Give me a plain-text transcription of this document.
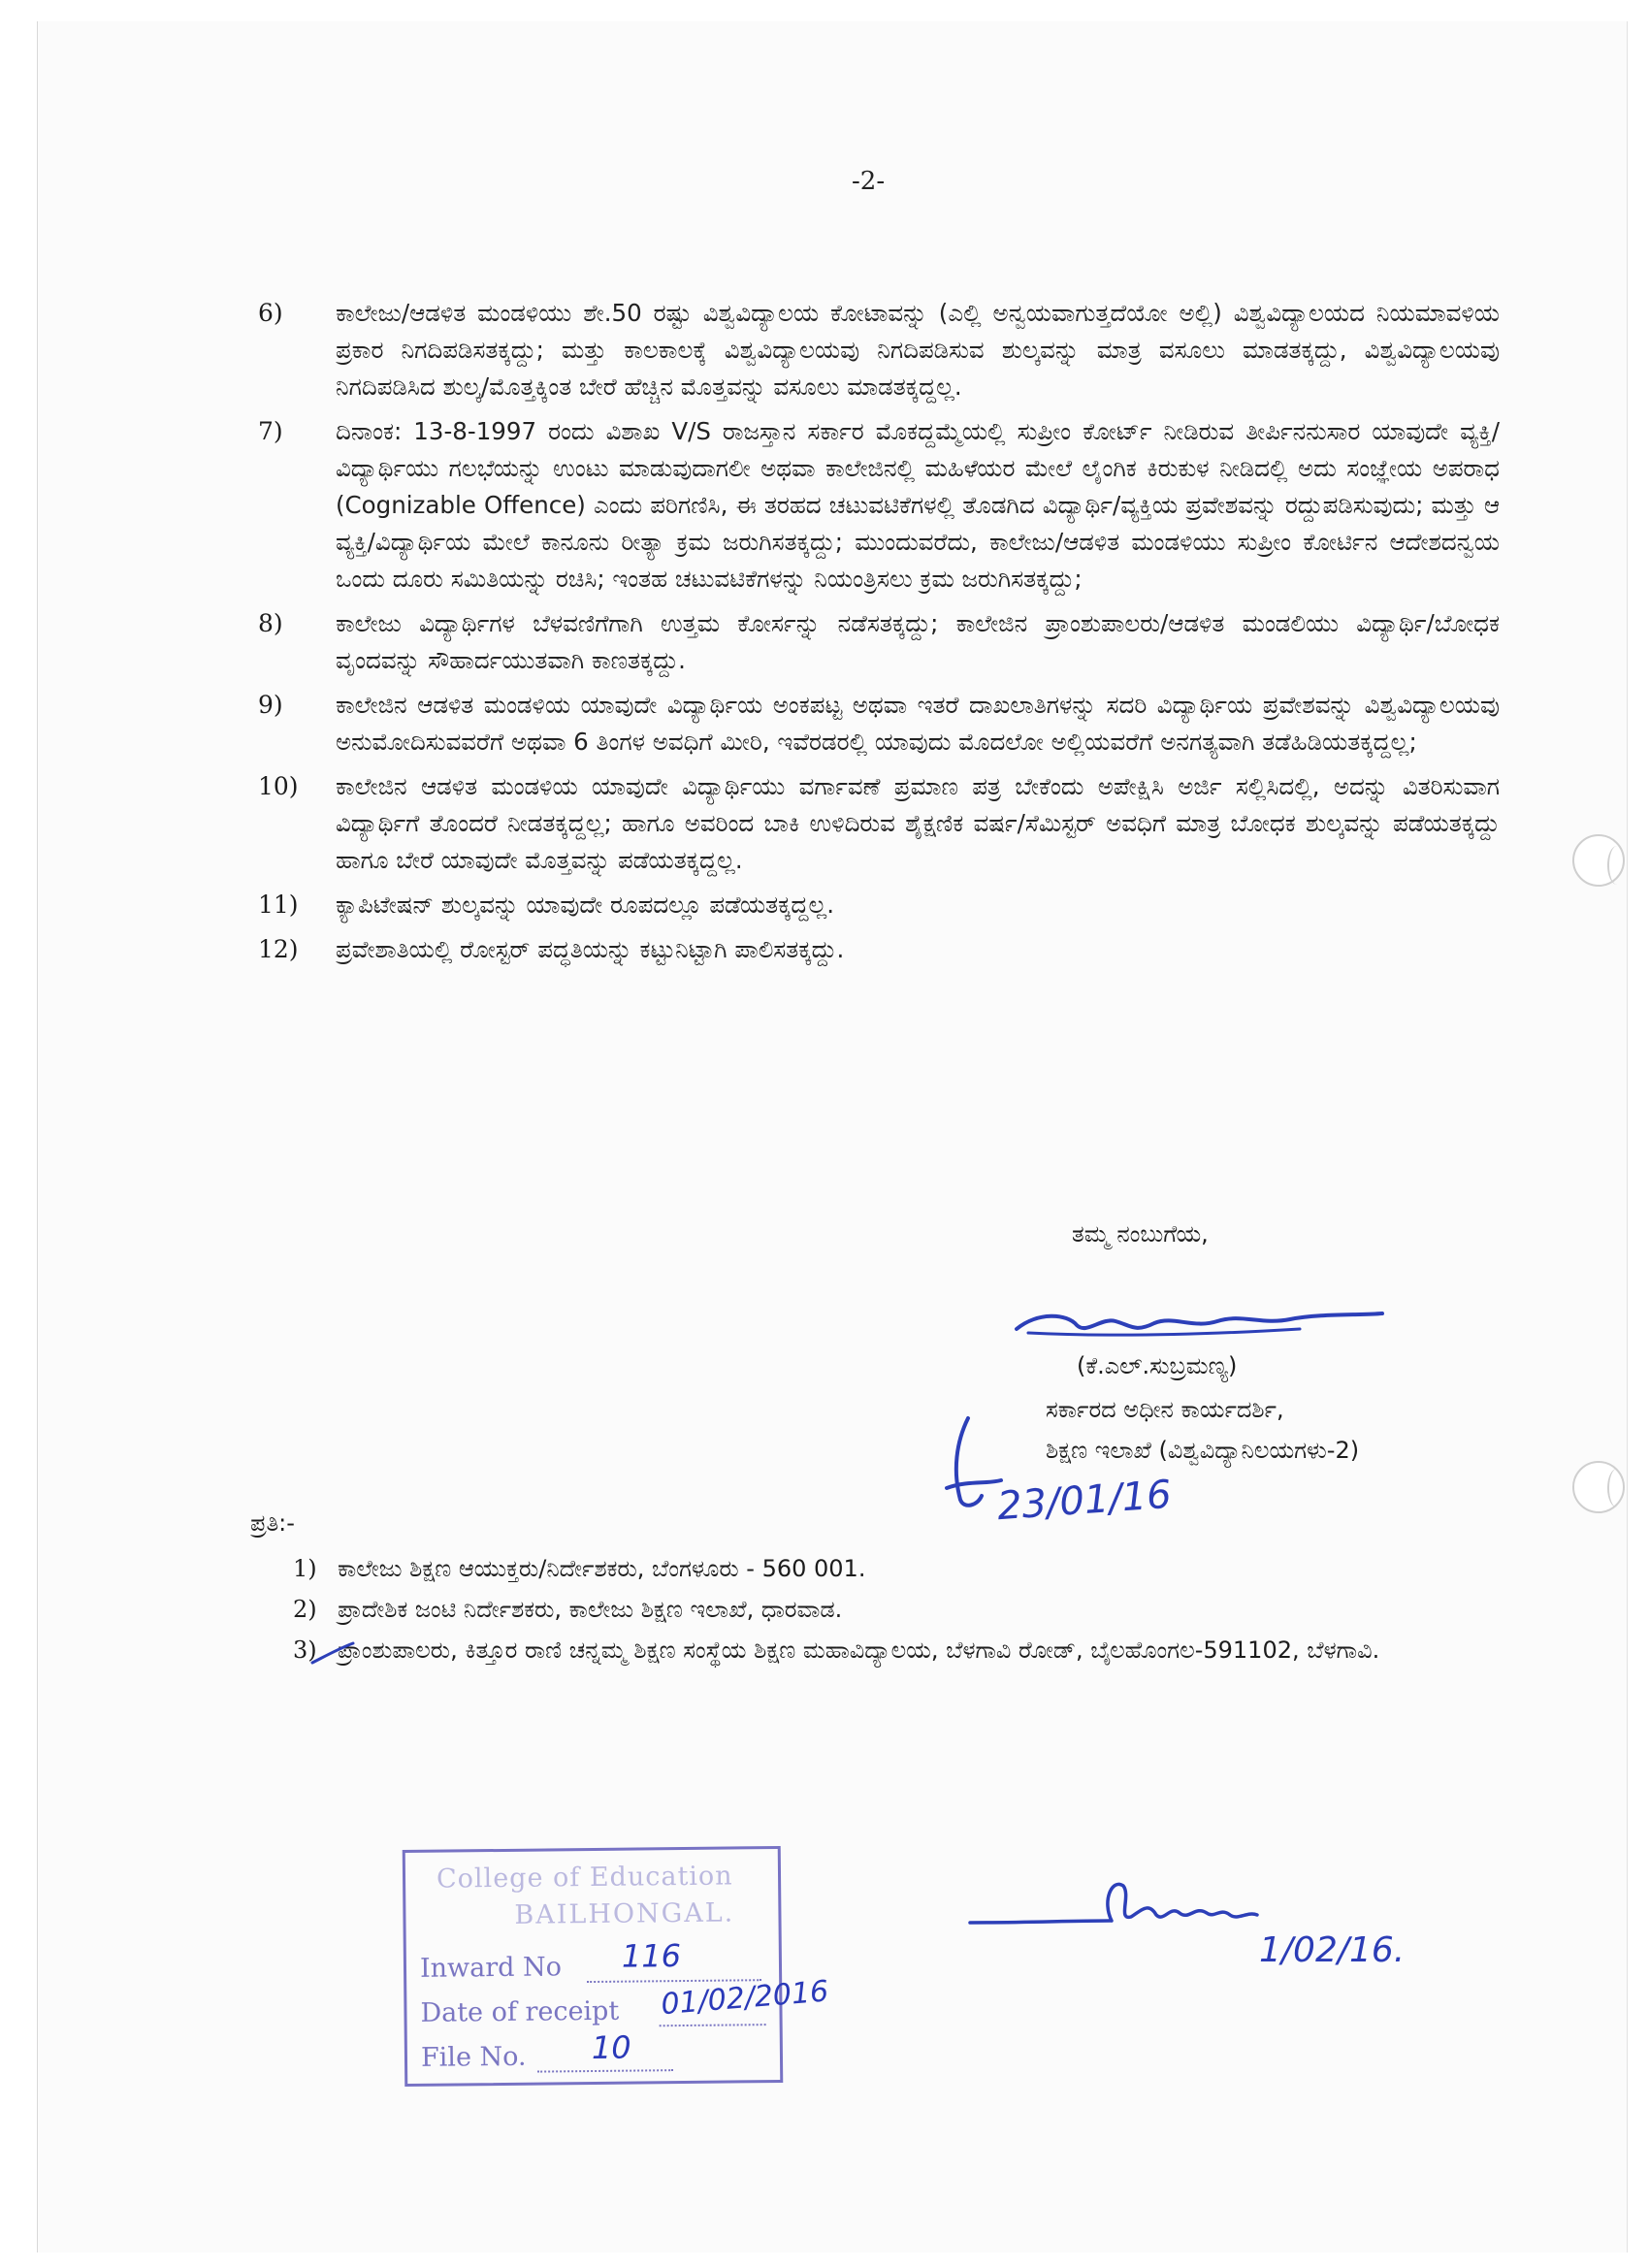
-2-
6)	ಕಾಲೇಜು/ಆಡಳಿತ ಮಂಡಳಿಯು ಶೇ.50 ರಷ್ಟು ವಿಶ್ವವಿದ್ಯಾಲಯ ಕೋಟಾವನ್ನು (ಎಲ್ಲಿ ಅನ್ವಯವಾಗುತ್ತದೆಯೋ ಅಲ್ಲಿ) ವಿಶ್ವವಿದ್ಯಾಲಯದ ನಿಯಮಾವಳಿಯ ಪ್ರಕಾರ ನಿಗದಿಪಡಿಸತಕ್ಕದ್ದು; ಮತ್ತು ಕಾಲಕಾಲಕ್ಕೆ ವಿಶ್ವವಿದ್ಯಾಲಯವು ನಿಗದಿಪಡಿಸುವ ಶುಲ್ಕವನ್ನು ಮಾತ್ರ ವಸೂಲು ಮಾಡತಕ್ಕದ್ದು, ವಿಶ್ವವಿದ್ಯಾಲಯವು ನಿಗದಿಪಡಿಸಿದ ಶುಲ್ಕ/ಮೊತ್ತಕ್ಕಿಂತ ಬೇರೆ ಹೆಚ್ಚಿನ ಮೊತ್ತವನ್ನು ವಸೂಲು ಮಾಡತಕ್ಕದ್ದಲ್ಲ.
7)	ದಿನಾಂಕ: 13-8-1997 ರಂದು ವಿಶಾಖ V/S ರಾಜಸ್ತಾನ ಸರ್ಕಾರ ಮೊಕದ್ದಮ್ಮೆಯಲ್ಲಿ ಸುಪ್ರೀಂ ಕೋರ್ಟ್ ನೀಡಿರುವ ತೀರ್ಪಿನನುಸಾರ ಯಾವುದೇ ವ್ಯಕ್ತಿ/ವಿದ್ಯಾರ್ಥಿಯು ಗಲಭೆಯನ್ನು ಉಂಟು ಮಾಡುವುದಾಗಲೀ ಅಥವಾ ಕಾಲೇಜಿನಲ್ಲಿ ಮಹಿಳೆಯರ ಮೇಲೆ ಲೈಂಗಿಕ ಕಿರುಕುಳ ನೀಡಿದಲ್ಲಿ ಅದು ಸಂಜ್ಞೇಯ ಅಪರಾಧ (Cognizable Offence) ಎಂದು ಪರಿಗಣಿಸಿ, ಈ ತರಹದ ಚಟುವಟಿಕೆಗಳಲ್ಲಿ ತೊಡಗಿದ ವಿದ್ಯಾರ್ಥಿ/ವ್ಯಕ್ತಿಯ ಪ್ರವೇಶವನ್ನು ರದ್ದುಪಡಿಸುವುದು; ಮತ್ತು ಆ ವ್ಯಕ್ತಿ/ವಿದ್ಯಾರ್ಥಿಯ ಮೇಲೆ ಕಾನೂನು ರೀತ್ಯಾ ಕ್ರಮ ಜರುಗಿಸತಕ್ಕದ್ದು; ಮುಂದುವರೆದು, ಕಾಲೇಜು/ಆಡಳಿತ ಮಂಡಳಿಯು ಸುಪ್ರೀಂ ಕೋರ್ಟಿನ ಆದೇಶದನ್ವಯ ಒಂದು ದೂರು ಸಮಿತಿಯನ್ನು ರಚಿಸಿ; ಇಂತಹ ಚಟುವಟಿಕೆಗಳನ್ನು ನಿಯಂತ್ರಿಸಲು ಕ್ರಮ ಜರುಗಿಸತಕ್ಕದ್ದು;
8)	ಕಾಲೇಜು ವಿದ್ಯಾರ್ಥಿಗಳ ಬೆಳವಣಿಗೆಗಾಗಿ ಉತ್ತಮ ಕೋರ್ಸನ್ನು ನಡೆಸತಕ್ಕದ್ದು; ಕಾಲೇಜಿನ ಪ್ರಾಂಶುಪಾಲರು/ಆಡಳಿತ ಮಂಡಲಿಯು ವಿದ್ಯಾರ್ಥಿ/ಬೋಧಕ ವೃಂದವನ್ನು ಸೌಹಾರ್ದಯುತವಾಗಿ ಕಾಣತಕ್ಕದ್ದು.
9)	ಕಾಲೇಜಿನ ಆಡಳಿತ ಮಂಡಳಿಯ ಯಾವುದೇ ವಿದ್ಯಾರ್ಥಿಯ ಅಂಕಪಟ್ಟ ಅಥವಾ ಇತರೆ ದಾಖಲಾತಿಗಳನ್ನು ಸದರಿ ವಿದ್ಯಾರ್ಥಿಯ ಪ್ರವೇಶವನ್ನು ವಿಶ್ವವಿದ್ಯಾಲಯವು ಅನುಮೋದಿಸುವವರೆಗೆ ಅಥವಾ 6 ತಿಂಗಳ ಅವಧಿಗೆ ಮೀರಿ, ಇವೆರಡರಲ್ಲಿ ಯಾವುದು ಮೊದಲೋ ಅಲ್ಲಿಯವರೆಗೆ ಅನಗತ್ಯವಾಗಿ ತಡೆಹಿಡಿಯತಕ್ಕದ್ದಲ್ಲ;
10)	ಕಾಲೇಜಿನ ಆಡಳಿತ ಮಂಡಳಿಯ ಯಾವುದೇ ವಿದ್ಯಾರ್ಥಿಯು ವರ್ಗಾವಣೆ ಪ್ರಮಾಣ ಪತ್ರ ಬೇಕೆಂದು ಅಪೇಕ್ಷಿಸಿ ಅರ್ಜಿ ಸಲ್ಲಿಸಿದಲ್ಲಿ, ಅದನ್ನು ವಿತರಿಸುವಾಗ ವಿದ್ಯಾರ್ಥಿಗೆ ತೊಂದರೆ ನೀಡತಕ್ಕದ್ದಲ್ಲ; ಹಾಗೂ ಅವರಿಂದ ಬಾಕಿ ಉಳಿದಿರುವ ಶೈಕ್ಷಣಿಕ ವರ್ಷ/ಸೆಮಿಸ್ಟರ್ ಅವಧಿಗೆ ಮಾತ್ರ ಬೋಧಕ ಶುಲ್ಕವನ್ನು ಪಡೆಯತಕ್ಕದ್ದು ಹಾಗೂ ಬೇರೆ ಯಾವುದೇ ಮೊತ್ತವನ್ನು ಪಡೆಯತಕ್ಕದ್ದಲ್ಲ.
11)	ಕ್ಯಾಪಿಟೇಷನ್ ಶುಲ್ಕವನ್ನು ಯಾವುದೇ ರೂಪದಲ್ಲೂ ಪಡೆಯತಕ್ಕದ್ದಲ್ಲ.
12)	ಪ್ರವೇಶಾತಿಯಲ್ಲಿ ರೋಸ್ಟರ್ ಪದ್ಧತಿಯನ್ನು ಕಟ್ಟುನಿಟ್ಟಾಗಿ ಪಾಲಿಸತಕ್ಕದ್ದು.
ತಮ್ಮ ನಂಬುಗೆಯ,
(ಕೆ.ಎಲ್.ಸುಬ್ರಮಣ್ಯ)
ಸರ್ಕಾರದ ಅಧೀನ ಕಾರ್ಯದರ್ಶಿ,
ಶಿಕ್ಷಣ ಇಲಾಖೆ (ವಿಶ್ವವಿದ್ಯಾನಿಲಯಗಳು-2)
23/01/16
ಪ್ರತಿ:-
1) ಕಾಲೇಜು ಶಿಕ್ಷಣ ಆಯುಕ್ತರು/ನಿರ್ದೇಶಕರು, ಬೆಂಗಳೂರು - 560 001.
2) ಪ್ರಾದೇಶಿಕ ಜಂಟಿ ನಿರ್ದೇಶಕರು, ಕಾಲೇಜು ಶಿಕ್ಷಣ ಇಲಾಖೆ, ಧಾರವಾಡ.
3) ಪ್ರಾಂಶುಪಾಲರು, ಕಿತ್ತೂರ ರಾಣಿ ಚನ್ನಮ್ಮ ಶಿಕ್ಷಣ ಸಂಸ್ಥೆಯ ಶಿಕ್ಷಣ ಮಹಾವಿದ್ಯಾಲಯ, ಬೆಳಗಾವಿ ರೋಡ್, ಬೈಲಹೊಂಗಲ-591102, ಬೆಳಗಾವಿ.
College of Education
BAILHONGAL.
Inward No 116
Date of receipt 01/02/2016
File No. 10
1/02/16.
